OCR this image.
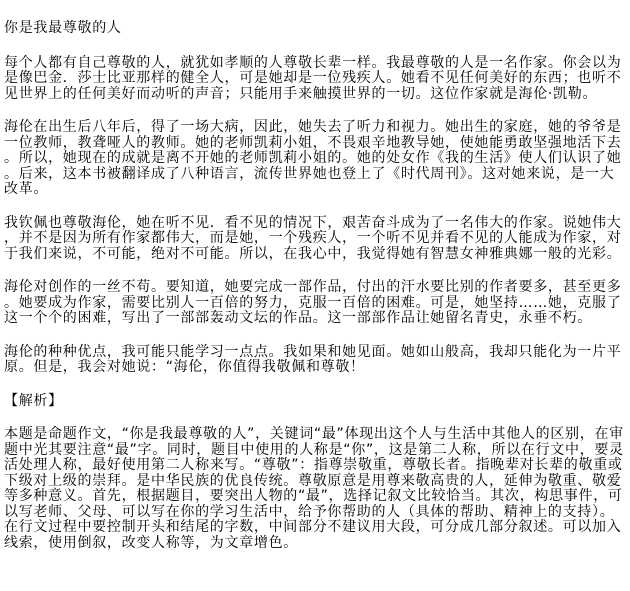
你是我最尊敬的人

每个人都有自己尊敬的人，就犹如孝顺的人尊敬长辈一样。我最尊敬的人是一名作家。你会以为是像巴金．莎士比亚那样的健全人，可是她却是一位残疾人。她看不见任何美好的东西；也听不见世界上的任何美好而动听的声音；只能用手来触摸世界的一切。这位作家就是海伦·凯勒。

海伦在出生后八年后，得了一场大病，因此，她失去了听力和视力。她出生的家庭，她的爷爷是一位教师，教聋哑人的教师。她的老师凯莉小姐，不畏艰辛地教导她，使她能勇敢坚强地活下去。所以，她现在的成就是离不开她的老师凯莉小姐的。她的处女作《我的生活》使人们认识了她。后来，这本书被翻译成了八种语言，流传世界她也登上了《时代周刊》。这对她来说，是一大改革。

我钦佩也尊敬海伦，她在听不见．看不见的情况下，艰苦奋斗成为了一名伟大的作家。说她伟大，并不是因为所有作家都伟大，而是她，一个残疾人，一个听不见并看不见的人能成为作家，对于我们来说，不可能，绝对不可能。所以，在我心中，我觉得她有智慧女神雅典娜一般的光彩。

海伦对创作的一丝不苟。要知道，她要完成一部作品，付出的汗水要比别的作者要多，甚至更多。她要成为作家，需要比别人一百倍的努力，克服一百倍的困难。可是，她坚持……她，克服了这一个个的困难，写出了一部部轰动文坛的作品。这一部部作品让她留名青史，永垂不朽。

海伦的种种优点，我可能只能学习一点点。我如果和她见面。她如山般高，我却只能化为一片平原。但是，我会对她说：“海伦，你值得我敬佩和尊敬！

【解析】

本题是命题作文，“你是我最尊敬的人”，关键词“最”体现出这个人与生活中其他人的区别，在审题中光其要注意“最”字。同时，题目中使用的人称是“你”，这是第二人称，所以在行文中，要灵活处理人称，最好使用第二人称来写。“尊敬”：指尊崇敬重，尊敬长者。指晚辈对长辈的敬重或下级对上级的崇拜。是中华民族的优良传统。尊敬原意是用尊来敬高贵的人，延伸为敬重、敬爱等多种意义。首先，根据题目，要突出人物的“最”，选择记叙文比较恰当。其次，构思事件，可以写老师、父母、可以写在你的学习生活中，给予你帮助的人（具体的帮助、精神上的支持）。在行文过程中要控制开头和结尾的字数，中间部分不建议用大段，可分成几部分叙述。可以加入线索，使用倒叙，改变人称等，为文章增色。
